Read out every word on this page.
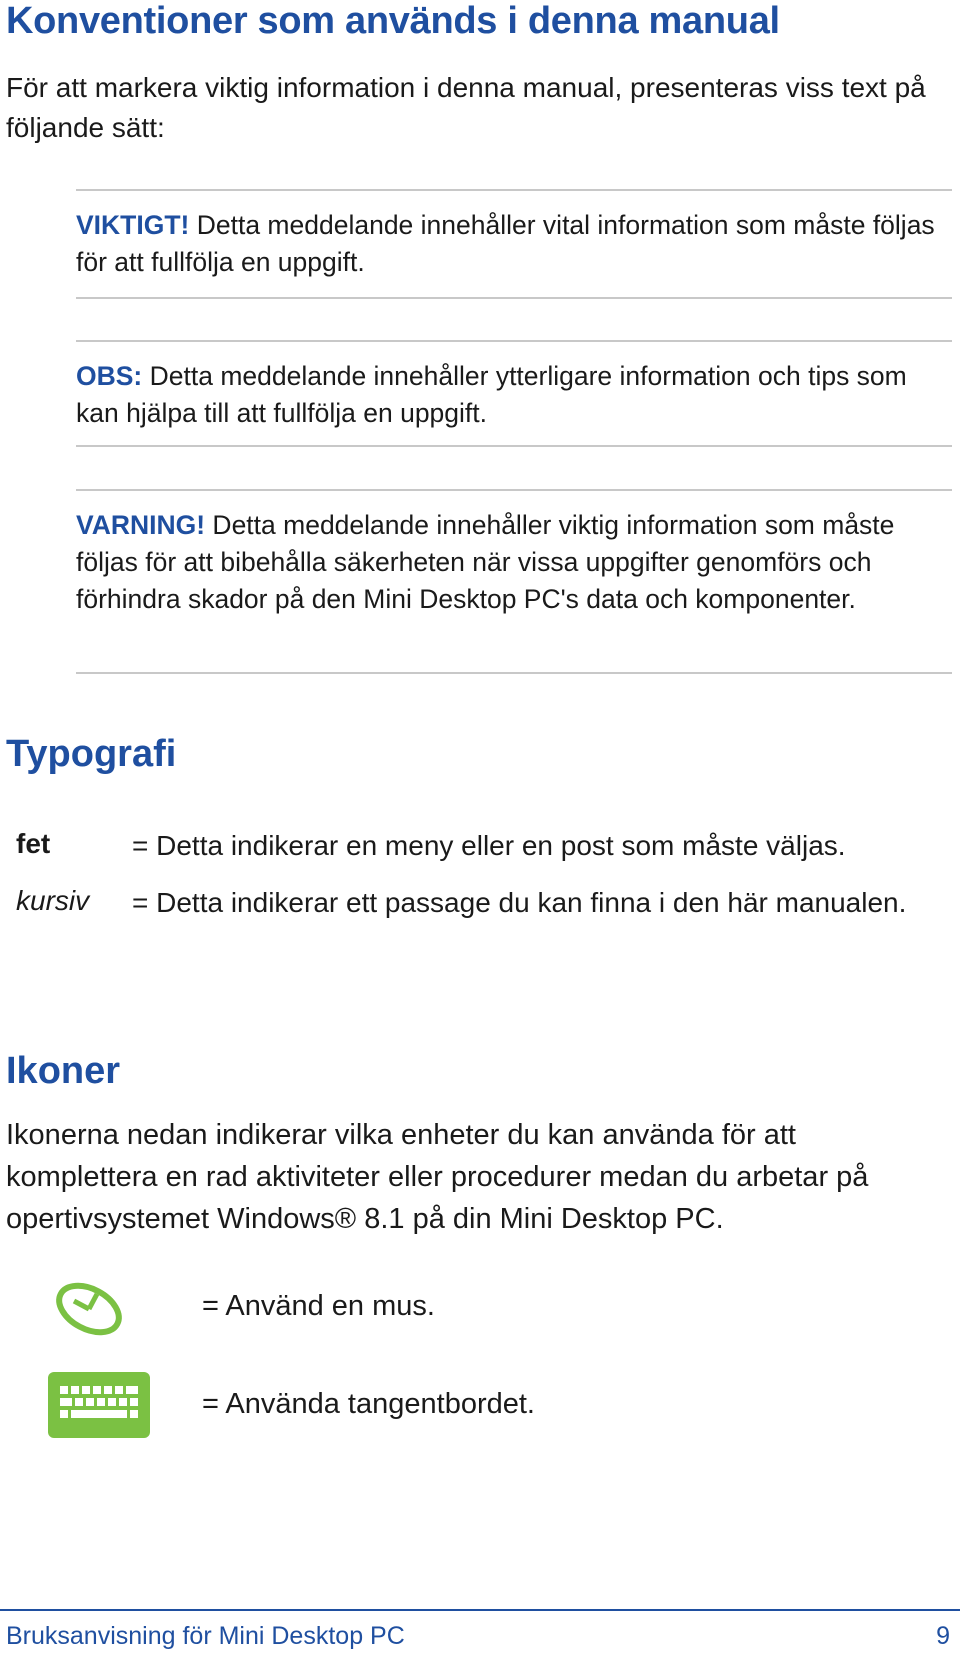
Konventioner som används i denna manual

För att markera viktig information i denna manual, presenteras viss text på följande sätt:

VIKTIGT! Detta meddelande innehåller vital information som måste följas för att fullfölja en uppgift.
OBS: Detta meddelande innehåller ytterligare information och tips som kan hjälpa till att fullfölja en uppgift.
VARNING! Detta meddelande innehåller viktig information som måste följas för att bibehålla säkerheten när vissa uppgifter genomförs och förhindra skador på den Mini Desktop PC's data och komponenter.
Typografi
fet	= Detta indikerar en meny eller en post som måste väljas.
kursiv = Detta indikerar ett passage du kan finna i den här manualen.
Ikoner

Ikonerna nedan indikerar vilka enheter du kan använda för att komplettera en rad aktiviteter eller procedurer medan du arbetar på opertivsystemet Windows® 8.1 på din Mini Desktop PC.

= Använd en mus.
= Använda tangentbordet.
Bruksanvisning för Mini Desktop PC	9
